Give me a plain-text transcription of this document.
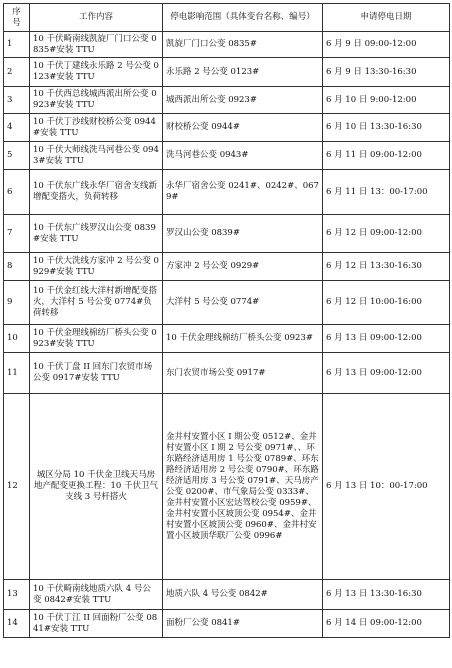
序
号	工作内容	停电影响范围（具体变台名称、编号）	申请停电日期
1	10 千伏畸南线凯旋厂门口公变 0835#安装 TTU	凯旋厂门口公变 0835#	6 月 9 日 09:00-12:00
2	10 千伏丁建线永乐路 2 号公变 0123#安装 TTU	永乐路 2 号公变 0123#	6 月 9 日 13:30-16:30
3	10 千伏西总线城西派出所公变 0923#安装 TTU	城西派出所公变 0923#	6 月 10 日 9:00-12:00
4	10 千伏丁沙线财校桥公变 0944#安装 TTU	财校桥公变 0944#	6 月 10 日 13:30-16:30
5	10 千伏大师线洗马河巷公变 0943#安装 TTU	洗马河巷公变 0943#	6 月 11 日 09:00-12:00
6	10 千伏东广线永华厂宿舍支线新增配变搭火，负荷转移	永华厂宿舍公变 0241#、0242#、0679#	6 月 11 日 13：00-17:00
7	10 千伏东广线罗汉山公变 0839#安装 TTU	罗汉山公变 0839#	6 月 12 日 09:00-12:00
8	10 千伏大洗线方家冲 2 号公变 0929#安装 TTU	方家冲 2 号公变 0929#	6 月 12 日 13:30-16:30
9	10 千伏金红线大洋村新增配变搭火，大洋村 5 号公变 0774#负荷转移	大洋村 5 号公变 0774#	6 月 12 日 10:00-16:00
10	10 千伏金理线棉纺厂桥头公变 0923#安装 TTU	10 千伏金理线棉纺厂桥头公变 0923#	6 月 13 日 09:00-12:00
11	10 千伏丁盘 II 回东门农贸市场公变 0917#安装 TTU	东门农贸市场公变 0917#	6 月 13 日 09:00-12:00
12	城区分局 10 千伏金卫线天马房地产配变更换工程：10 千伏卫气支线 3 号杆搭火	金井村安置小区 I 期公变 0512#、金井村安置小区 I 期 2 号公变 0971#、、环东路经济适用房 1 号公变 0789#、环东路经济适用房 2 号公变 0790#、环东路经济适用房 3 号公变 0791#、天马房产公变 0200#、市气象局公变 0333#、金井村安置小区宏达驾校公变 0959#、金井村安置小区坡顶公变 0954#、金井村安置小区坡顶公变 0960#、金井村安置小区坡顶华联厂公变 0996#	6 月 13 日 10：00-17:00
13	10 千伏畸南线地质六队 4 号公变 0842#安装 TTU	地质六队 4 号公变 0842#	6 月 13 日 13:30-16:30
14	10 千伏丁江 II 回面粉厂公变 0841#安装 TTU	面粉厂公变 0841#	6 月 14 日 09:00-12:00
